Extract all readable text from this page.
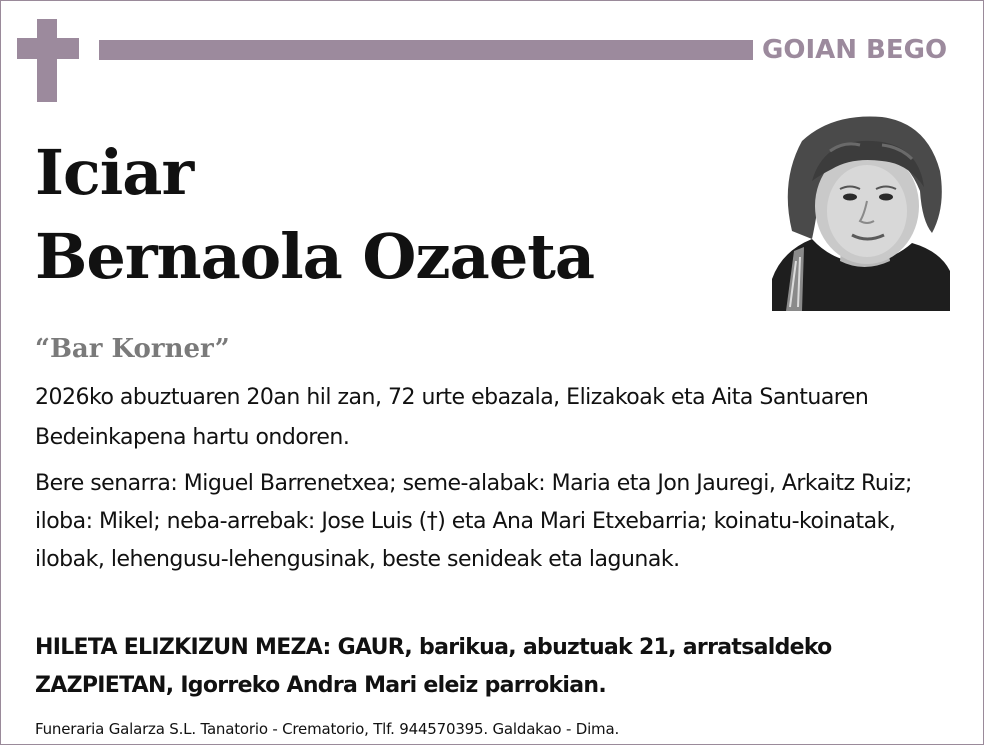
GOIAN BEGO
Iciar
Bernaola Ozaeta
“Bar Korner”
2026ko abuztuaren 20an hil zan, 72 urte ebazala, Elizakoak eta Aita Santuaren Bedeinkapena hartu ondoren.
Bere senarra: Miguel Barrenetxea; seme-alabak: Maria eta Jon Jauregi, Arkaitz Ruiz; iloba: Mikel; neba-arrebak: Jose Luis (†) eta Ana Mari Etxebarria; koinatu-koinatak, ilobak, lehengusu-lehengusinak, beste senideak eta lagunak.
HILETA ELIZKIZUN MEZA: GAUR, barikua, abuztuak 21, arratsaldeko ZAZPIETAN, Igorreko Andra Mari eleiz parrokian.
Funeraria Galarza S.L. Tanatorio - Crematorio, Tlf. 944570395. Galdakao - Dima.
